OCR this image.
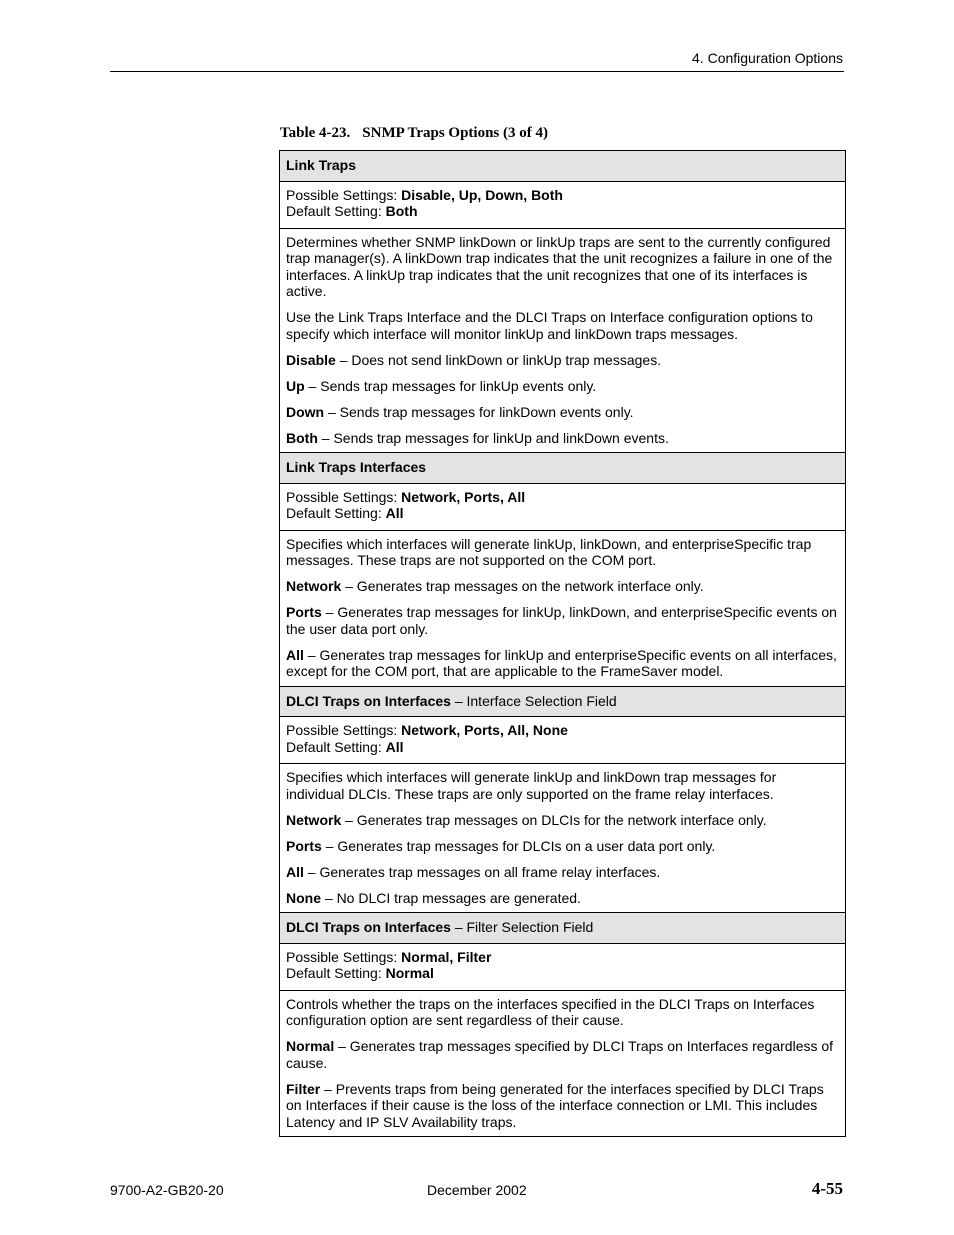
4. Configuration Options
Table 4-23. SNMP Traps Options (3 of 4)
Link Traps

Possible Settings: Disable, Up, Down, Both
Default Setting: Both

Determines whether SNMP linkDown or linkUp traps are sent to the currently configured trap manager(s). A linkDown trap indicates that the unit recognizes a failure in one of the interfaces. A linkUp trap indicates that the unit recognizes that one of its interfaces is active.

Use the Link Traps Interface and the DLCI Traps on Interface configuration options to specify which interface will monitor linkUp and linkDown traps messages.

Disable – Does not send linkDown or linkUp trap messages.

Up – Sends trap messages for linkUp events only.

Down – Sends trap messages for linkDown events only.

Both – Sends trap messages for linkUp and linkDown events.

Link Traps Interfaces

Possible Settings: Network, Ports, All
Default Setting: All

Specifies which interfaces will generate linkUp, linkDown, and enterpriseSpecific trap messages. These traps are not supported on the COM port.

Network – Generates trap messages on the network interface only.

Ports – Generates trap messages for linkUp, linkDown, and enterpriseSpecific events on the user data port only.

All – Generates trap messages for linkUp and enterpriseSpecific events on all interfaces, except for the COM port, that are applicable to the FrameSaver model.

DLCI Traps on Interfaces – Interface Selection Field

Possible Settings: Network, Ports, All, None
Default Setting: All

Specifies which interfaces will generate linkUp and linkDown trap messages for individual DLCIs. These traps are only supported on the frame relay interfaces.

Network – Generates trap messages on DLCIs for the network interface only.

Ports – Generates trap messages for DLCIs on a user data port only.

All – Generates trap messages on all frame relay interfaces.

None – No DLCI trap messages are generated.

DLCI Traps on Interfaces – Filter Selection Field

Possible Settings: Normal, Filter
Default Setting: Normal

Controls whether the traps on the interfaces specified in the DLCI Traps on Interfaces configuration option are sent regardless of their cause.

Normal – Generates trap messages specified by DLCI Traps on Interfaces regardless of cause.

Filter – Prevents traps from being generated for the interfaces specified by DLCI Traps on Interfaces if their cause is the loss of the interface connection or LMI. This includes Latency and IP SLV Availability traps.

9700-A2-GB20-20	December 2002	4-55
